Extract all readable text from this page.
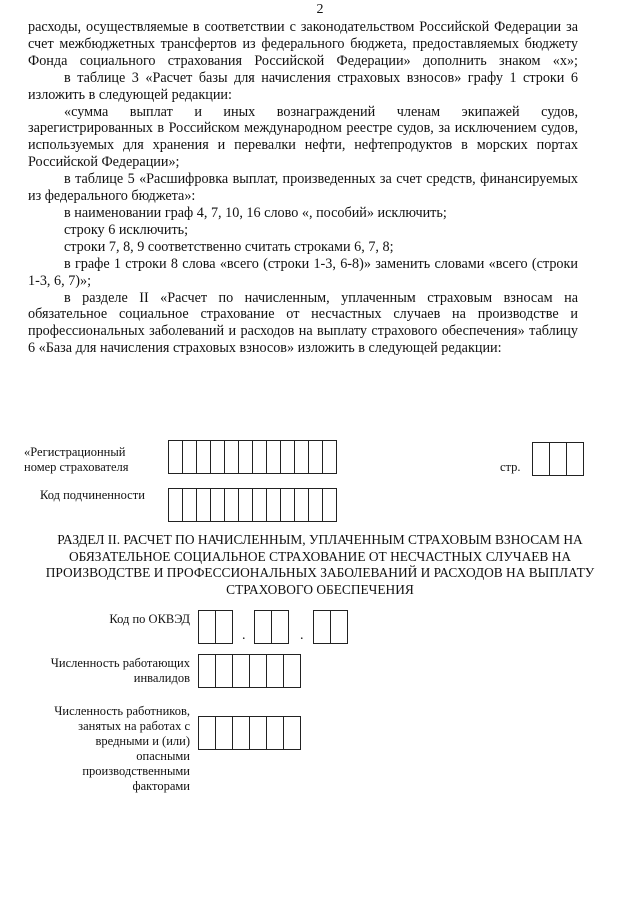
2

расходы, осуществляемые в соответствии с законодательством Российской Федерации за счет межбюджетных трансфертов из федерального бюджета, предоставляемых бюджету Фонда социального страхования Российской Федерации» дополнить знаком «х»;

в таблице 3 «Расчет базы для начисления страховых взносов» графу 1 строки 6 изложить в следующей редакции:

«сумма выплат и иных вознаграждений членам экипажей судов, зарегистрированных в Российском международном реестре судов, за исключением судов, используемых для хранения и перевалки нефти, нефтепродуктов в морских портах Российской Федерации»;

в таблице 5 «Расшифровка выплат, произведенных за счет средств, финансируемых из федерального бюджета»:

в наименовании граф 4, 7, 10, 16 слово «, пособий» исключить;

строку 6 исключить;

строки 7, 8, 9 соответственно считать строками 6, 7, 8;

в графе 1 строки 8 слова «всего (строки 1-3, 6-8)» заменить словами «всего (строки 1-3, 6, 7)»;

в разделе II «Расчет по начисленным, уплаченным страховым взносам на обязательное социальное страхование от несчастных случаев на производстве и профессиональных заболеваний и расходов на выплату страхового обеспечения» таблицу 6 «База для начисления страховых взносов» изложить в следующей редакции:

«Регистрационный номер страхователя	стр.
Код подчиненности
РАЗДЕЛ II. РАСЧЕТ ПО НАЧИСЛЕННЫМ, УПЛАЧЕННЫМ СТРАХОВЫМ ВЗНОСАМ НА ОБЯЗАТЕЛЬНОЕ СОЦИАЛЬНОЕ СТРАХОВАНИЕ ОТ НЕСЧАСТНЫХ СЛУЧАЕВ НА ПРОИЗВОДСТВЕ И ПРОФЕССИОНАЛЬНЫХ ЗАБОЛЕВАНИЙ И РАСХОДОВ НА ВЫПЛАТУ СТРАХОВОГО ОБЕСПЕЧЕНИЯ
Код по ОКВЭД
.	.
Численность работающих инвалидов
Численность работников, занятых на работах с вредными и (или) опасными производственными факторами
